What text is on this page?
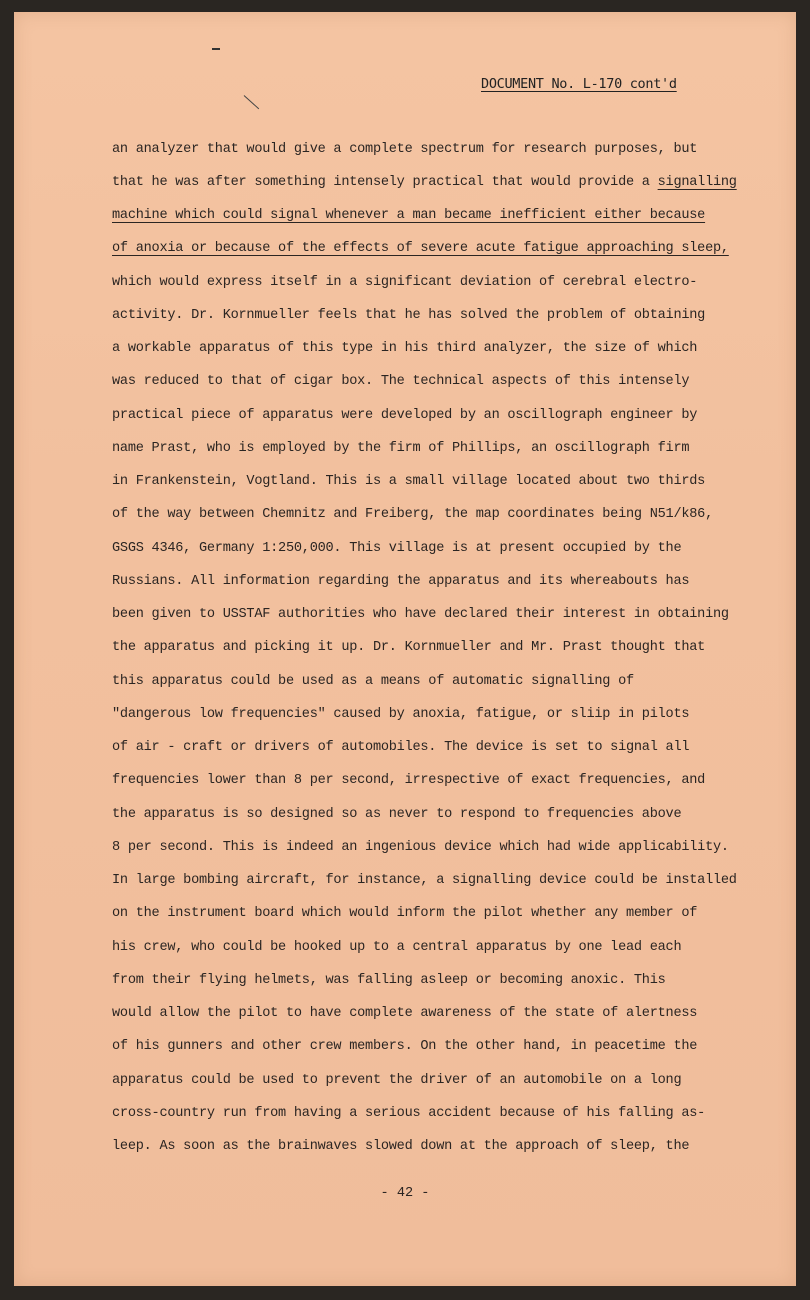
DOCUMENT No. L-170 cont'd
an analyzer that would give a complete spectrum for research purposes, but
that he was after something intensely practical that would provide a signalling
machine which could signal whenever a man became inefficient either because
of anoxia or because of the effects of severe acute fatigue approaching sleep,
which would express itself in a significant deviation of cerebral electro-
activity. Dr. Kornmueller feels that he has solved the problem of obtaining
a workable apparatus of this type in his third analyzer, the size of which
was reduced to that of cigar box. The technical aspects of this intensely
practical piece of apparatus were developed by an oscillograph engineer by
name Prast, who is employed by the firm of Phillips, an oscillograph firm
in Frankenstein, Vogtland. This is a small village located about two thirds
of the way between Chemnitz and Freiberg, the map coordinates being N51/k86,
GSGS 4346, Germany 1:250,000. This village is at present occupied by the
Russians. All information regarding the apparatus and its whereabouts has
been given to USSTAF authorities who have declared their interest in obtaining
the apparatus and picking it up. Dr. Kornmueller and Mr. Prast thought that
this apparatus could be used as a means of automatic signalling of
"dangerous low frequencies" caused by anoxia, fatigue, or sliip in pilots
of air - craft or drivers of automobiles. The device is set to signal all
frequencies lower than 8 per second, irrespective of exact frequencies, and
the apparatus is so designed so as never to respond to frequencies above
8 per second. This is indeed an ingenious device which had wide applicability.
In large bombing aircraft, for instance, a signalling device could be installed
on the instrument board which would inform the pilot whether any member of
his crew, who could be hooked up to a central apparatus by one lead each
from their flying helmets, was falling asleep or becoming anoxic. This
would allow the pilot to have complete awareness of the state of alertness
of his gunners and other crew members. On the other hand, in peacetime the
apparatus could be used to prevent the driver of an automobile on a long
cross-country run from having a serious accident because of his falling as-
leep. As soon as the brainwaves slowed down at the approach of sleep, the
- 42 -
